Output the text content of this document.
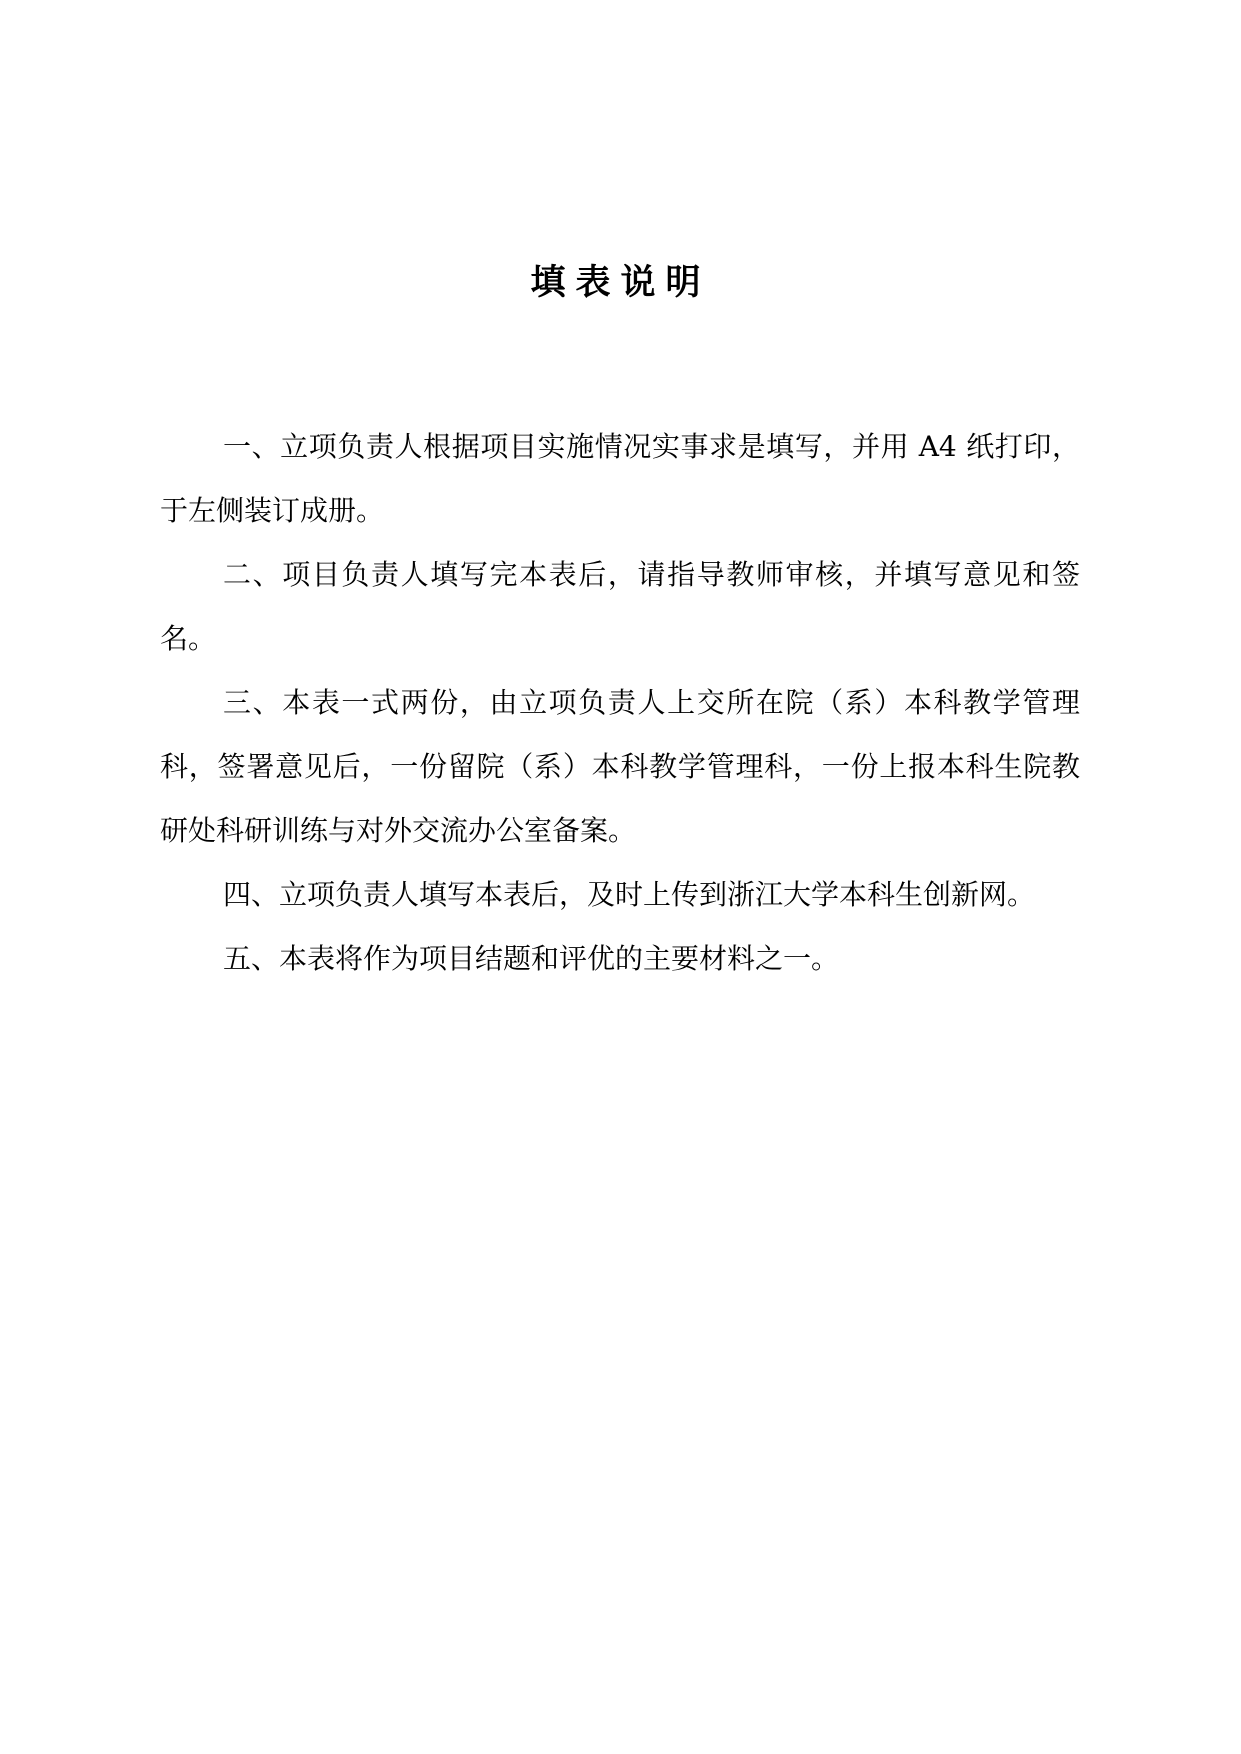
填表说明

一、立项负责人根据项目实施情况实事求是填写，并用 A4 纸打印，于左侧装订成册。

二、项目负责人填写完本表后，请指导教师审核，并填写意见和签名。

三、本表一式两份，由立项负责人上交所在院（系）本科教学管理科，签署意见后，一份留院（系）本科教学管理科，一份上报本科生院教研处科研训练与对外交流办公室备案。

四、立项负责人填写本表后，及时上传到浙江大学本科生创新网。

五、本表将作为项目结题和评优的主要材料之一。
